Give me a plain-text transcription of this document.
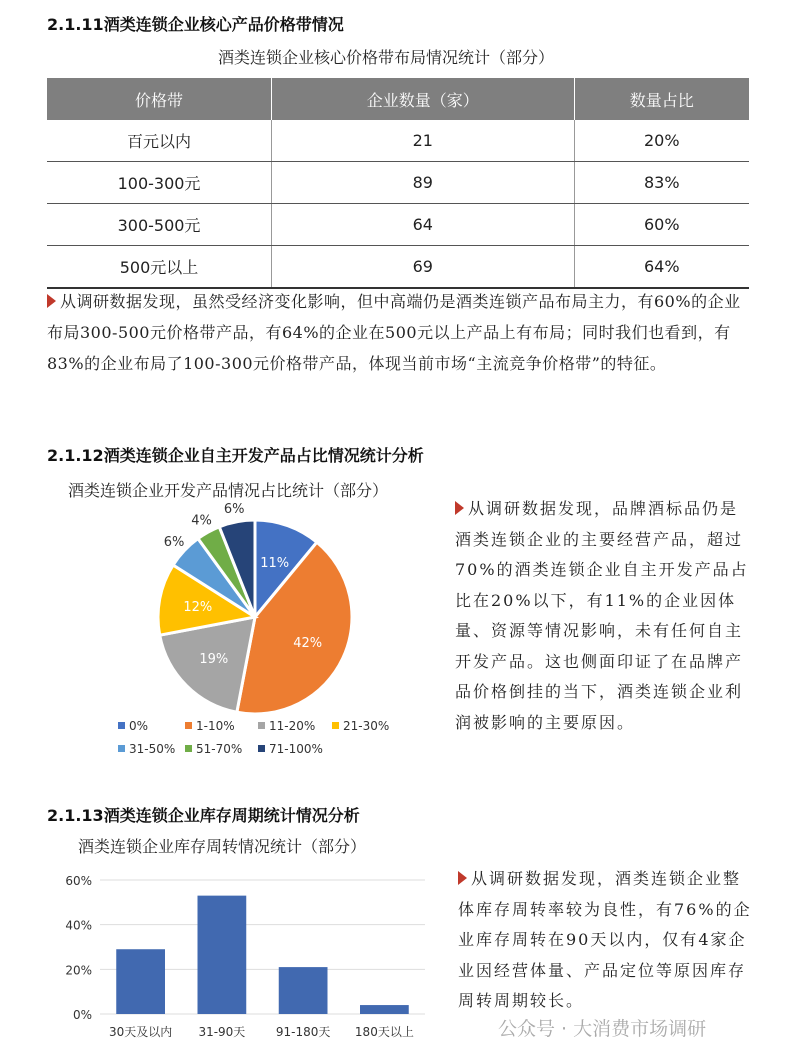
2.1.11酒类连锁企业核心产品价格带情况
酒类连锁企业核心价格带布局情况统计（部分）
价格带	企业数量（家）	数量占比
百元以内	21	20%
100-300元	89	83%
300-500元	64	60%
500元以上	69	64%
从调研数据发现，虽然受经济变化影响，但中高端仍是酒类连锁产品布局主力，有60%的企业布局300-500元价格带产品，有64%的企业在500元以上产品上有布局；同时我们也看到，有83%的企业布局了100-300元价格带产品，体现当前市场“主流竞争价格带”的特征。
2.1.12酒类连锁企业自主开发产品占比情况统计分析
酒类连锁企业开发产品情况占比统计（部分）
11%
42%
19%
12%
6%
4%
6%
0%	1-10%	11-20% 21-30%
31-50% 51-70% 71-100%
从调研数据发现，品牌酒标品仍是酒类连锁企业的主要经营产品，超过70%的酒类连锁企业自主开发产品占比在20%以下，有11%的企业因体量、资源等情况影响，未有任何自主开发产品。这也侧面印证了在品牌产品价格倒挂的当下，酒类连锁企业利润被影响的主要原因。
2.1.13酒类连锁企业库存周期统计情况分析
酒类连锁企业库存周转情况统计（部分）
0%
20%
40%
60%
30天及以内 31-90天	91-180天 180天以上
从调研数据发现，酒类连锁企业整体库存周转率较为良性，有76%的企业库存周转在90天以内，仅有4家企业因经营体量、产品定位等原因库存周转周期较长。
公众号 · 大消费市场调研
